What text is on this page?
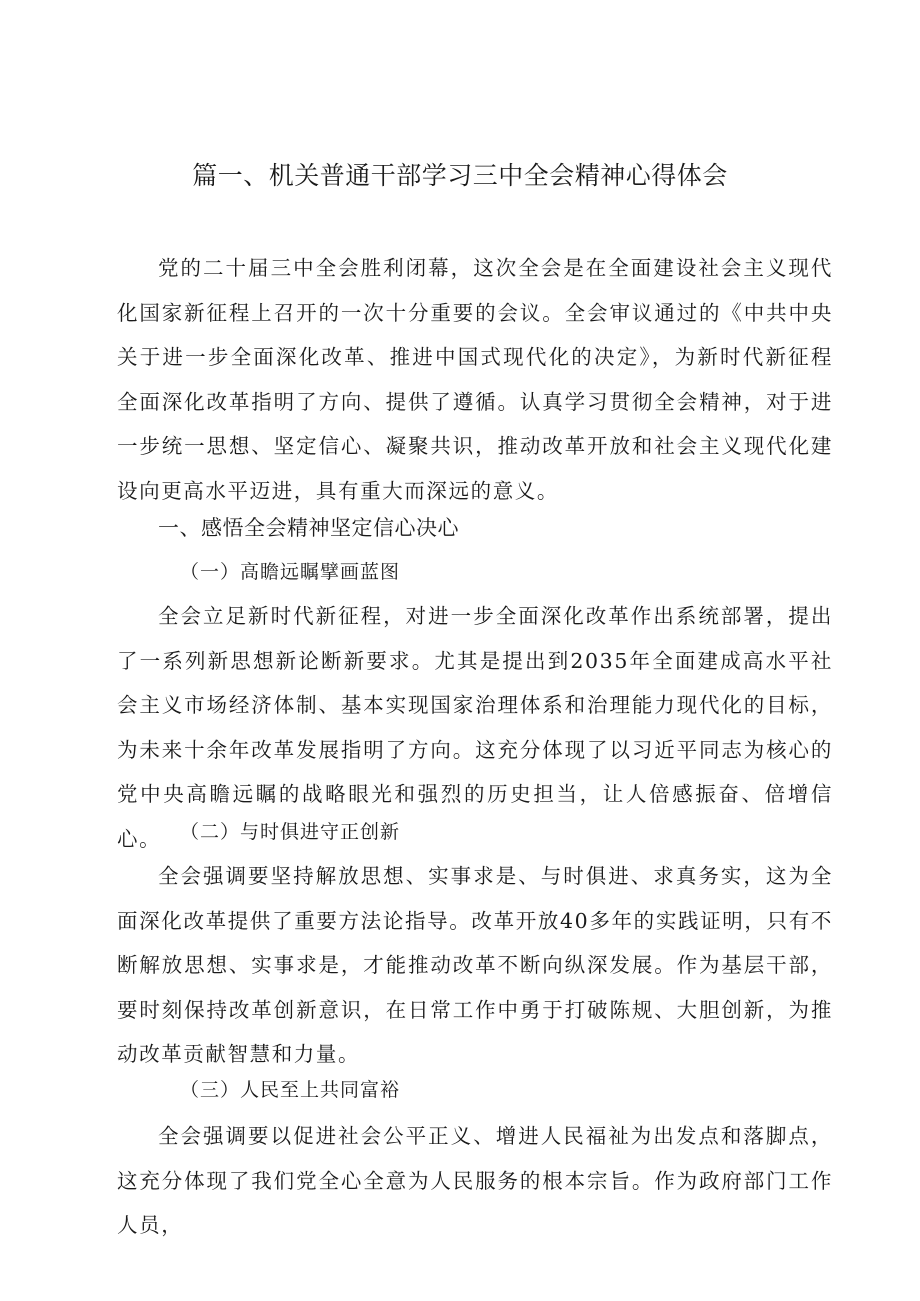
篇一、机关普通干部学习三中全会精神心得体会

党的二十届三中全会胜利闭幕，这次全会是在全面建设社会主义现代化国家新征程上召开的一次十分重要的会议。全会审议通过的《中共中央关于进一步全面深化改革、推进中国式现代化的决定》，为新时代新征程全面深化改革指明了方向、提供了遵循。认真学习贯彻全会精神，对于进一步统一思想、坚定信心、凝聚共识，推动改革开放和社会主义现代化建设向更高水平迈进，具有重大而深远的意义。

一、感悟全会精神坚定信心决心
（一）高瞻远瞩擘画蓝图

全会立足新时代新征程，对进一步全面深化改革作出系统部署，提出了一系列新思想新论断新要求。尤其是提出到2035年全面建成高水平社会主义市场经济体制、基本实现国家治理体系和治理能力现代化的目标，为未来十余年改革发展指明了方向。这充分体现了以习近平同志为核心的党中央高瞻远瞩的战略眼光和强烈的历史担当，让人倍感振奋、倍增信心。 （二）与时俱进守正创新

全会强调要坚持解放思想、实事求是、与时俱进、求真务实，这为全面深化改革提供了重要方法论指导。改革开放40多年的实践证明，只有不断解放思想、实事求是，才能推动改革不断向纵深发展。作为基层干部，要时刻保持改革创新意识，在日常工作中勇于打破陈规、大胆创新，为推动改革贡献智慧和力量。

（三）人民至上共同富裕

全会强调要以促进社会公平正义、增进人民福祉为出发点和落脚点，这充分体现了我们党全心全意为人民服务的根本宗旨。作为政府部门工作人员，
